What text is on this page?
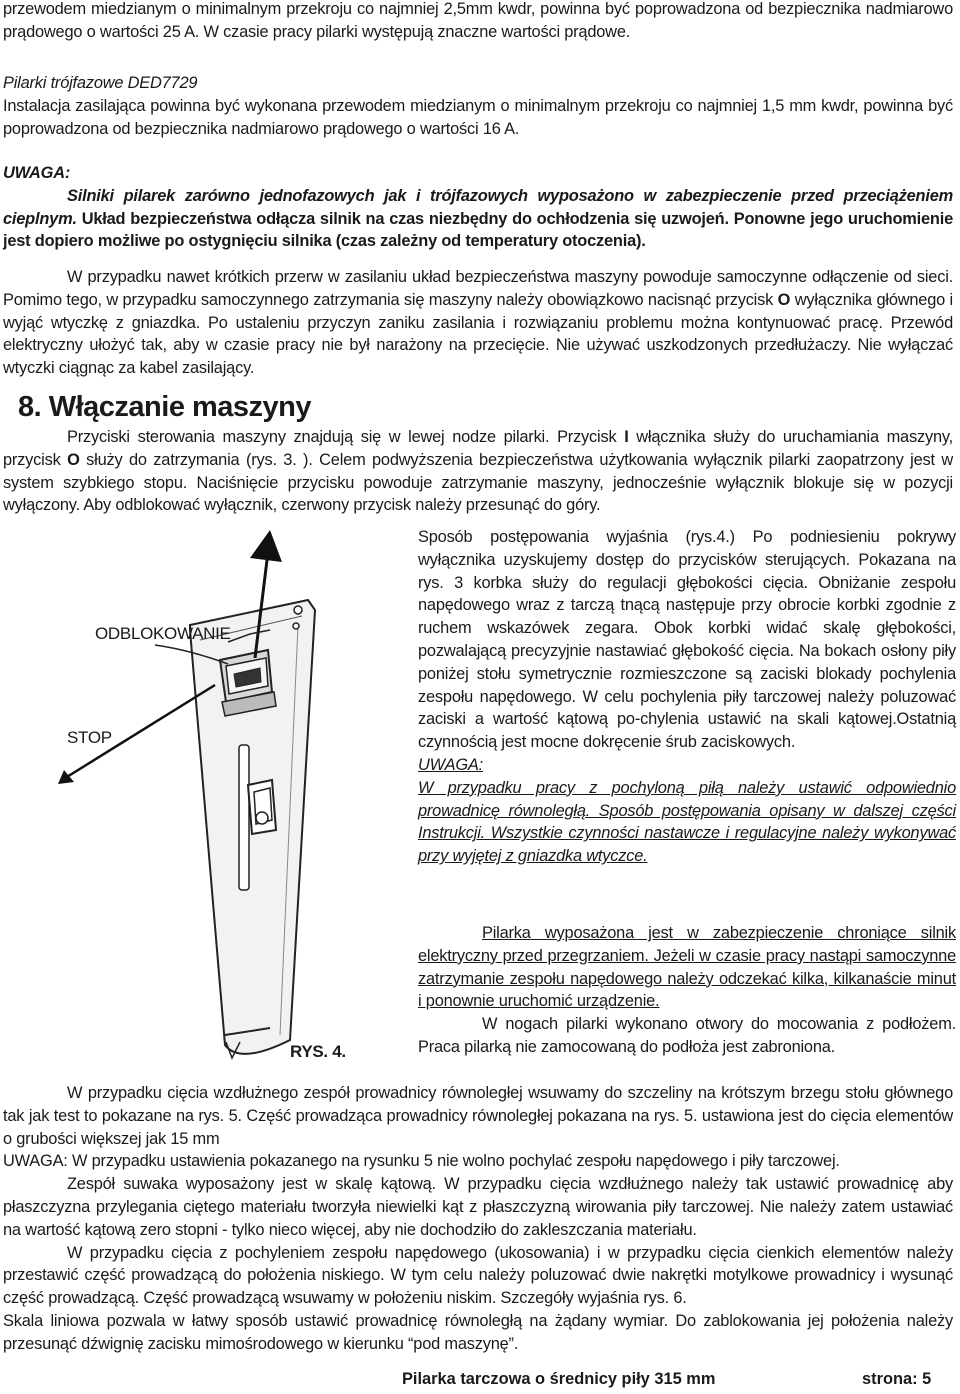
przewodem miedzianym o minimalnym przekroju co najmniej 2,5mm kwdr, powinna być poprowadzona od bezpiecznika nadmiarowo prądowego o wartości 25 A. W czasie pracy pilarki występują znaczne wartości prądowe.

Pilarki trójfazowe DED7729

Instalacja zasilająca powinna być wykonana przewodem miedzianym o minimalnym przekroju co najmniej 1,5 mm kwdr, powinna być poprowadzona od bezpiecznika nadmiarowo prądowego o wartości 16 A.

UWAGA:

Silniki pilarek zarówno jednofazowych jak i trójfazowych wyposażono w zabezpieczenie przed przeciążeniem cieplnym. Układ bezpieczeństwa odłącza silnik na czas niezbędny do ochłodzenia się uzwojeń. Ponowne jego uruchomienie jest dopiero możliwe po ostygnięciu silnika (czas zależny od temperatury otoczenia).

W przypadku nawet krótkich przerw w zasilaniu układ bezpieczeństwa maszyny powoduje samoczynne odłączenie od sieci. Pomimo tego, w przypadku samoczynnego zatrzymania się maszyny należy obowiązkowo nacisnąć przycisk O wyłącznika głównego i wyjąć wtyczkę z gniazdka. Po ustaleniu przyczyn zaniku zasilania i rozwiązaniu problemu można kontynuować pracę. Przewód elektryczny ułożyć tak, aby w czasie pracy nie był narażony na przecięcie. Nie używać uszkodzonych przedłużaczy. Nie wyłączać wtyczki ciągnąc za kabel zasilający.

8. Włączanie maszyny

Przyciski sterowania maszyny znajdują się w lewej nodze pilarki. Przycisk I włącznika służy do uruchamiania maszyny, przycisk O służy do zatrzymania (rys. 3. ). Celem podwyższenia bezpieczeństwa użytkowania wyłącznik pilarki zaopatrzony jest w system szybkiego stopu. Naciśnięcie przycisku powoduje zatrzymanie maszyny, jednocześnie wyłącznik blokuje się w pozycji wyłączony. Aby odblokować wyłącznik, czerwony przycisk należy przesunąć do góry.

ODBLOKOWANIE
STOP
RYS. 4.

Sposób postępowania wyjaśnia (rys.4.) Po podniesieniu pokrywy wyłącznika uzyskujemy dostęp do przycisków sterujących. Pokazana na rys. 3 korbka służy do regulacji głębokości cięcia. Obniżanie zespołu napędowego wraz z tarczą tnącą następuje przy obrocie korbki zgodnie z ruchem wskazówek zegara. Obok korbki widać skalę głębokości, pozwalającą precyzyjnie nastawiać głębokość cięcia. Na bokach osłony piły poniżej stołu symetrycznie rozmieszczone są zaciski blokady pochylenia zespołu napędowego. W celu pochylenia piły tarczowej należy poluzować zaciski a wartość kątową po-chylenia ustawić na skali kątowej.Ostatnią czynnością jest mocne dokręcenie śrub zaciskowych.

UWAGA:

W przypadku pracy z pochyloną piłą należy ustawić odpowiednio prowadnicę równoległą. Sposób postępowania opisany w dalszej części Instrukcji. Wszystkie czynności nastawcze i regulacyjne należy wykonywać przy wyjętej z gniazdka wtyczce.

Pilarka wyposażona jest w zabezpieczenie chroniące silnik elektryczny przed przegrzaniem. Jeżeli w czasie pracy nastąpi samoczynne zatrzymanie zespołu napędowego należy odczekać kilka, kilkanaście minut i ponownie uruchomić urządzenie.

W nogach pilarki wykonano otwory do mocowania z podłożem. Praca pilarką nie zamocowaną do podłoża jest zabroniona.

W przypadku cięcia wzdłużnego zespół prowadnicy równoległej wsuwamy do szczeliny na krótszym brzegu stołu głównego tak jak test to pokazane na rys. 5. Część prowadząca prowadnicy równoległej pokazana na rys. 5. ustawiona jest do cięcia elementów o grubości większej jak 15 mm

UWAGA: W przypadku ustawienia pokazanego na rysunku 5 nie wolno pochylać zespołu napędowego i piły tarczowej.

Zespół suwaka wyposażony jest w skalę kątową. W przypadku cięcia wzdłużnego należy tak ustawić prowadnicę aby płaszczyzna przylegania ciętego materiału tworzyła niewielki kąt z płaszczyzną wirowania piły tarczowej. Nie należy zatem ustawiać na wartość kątową zero stopni - tylko nieco więcej, aby nie dochodziło do zakleszczania materiału.

W przypadku cięcia z pochyleniem zespołu napędowego (ukosowania) i w przypadku cięcia cienkich elementów należy przestawić część prowadzącą do położenia niskiego. W tym celu należy poluzować dwie nakrętki motylkowe prowadnicy i wysunąć część prowadzącą. Część prowadzącą wsuwamy w położeniu niskim. Szczegóły wyjaśnia rys. 6.

Skala liniowa pozwala w łatwy sposób ustawić prowadnicę równoległą na żądany wymiar. Do zablokowania jej położenia należy przesunąć dźwignię zacisku mimośrodowego w kierunku “pod maszynę”.

Pilarka tarczowa o średnicy piły 315 mm	strona: 5
